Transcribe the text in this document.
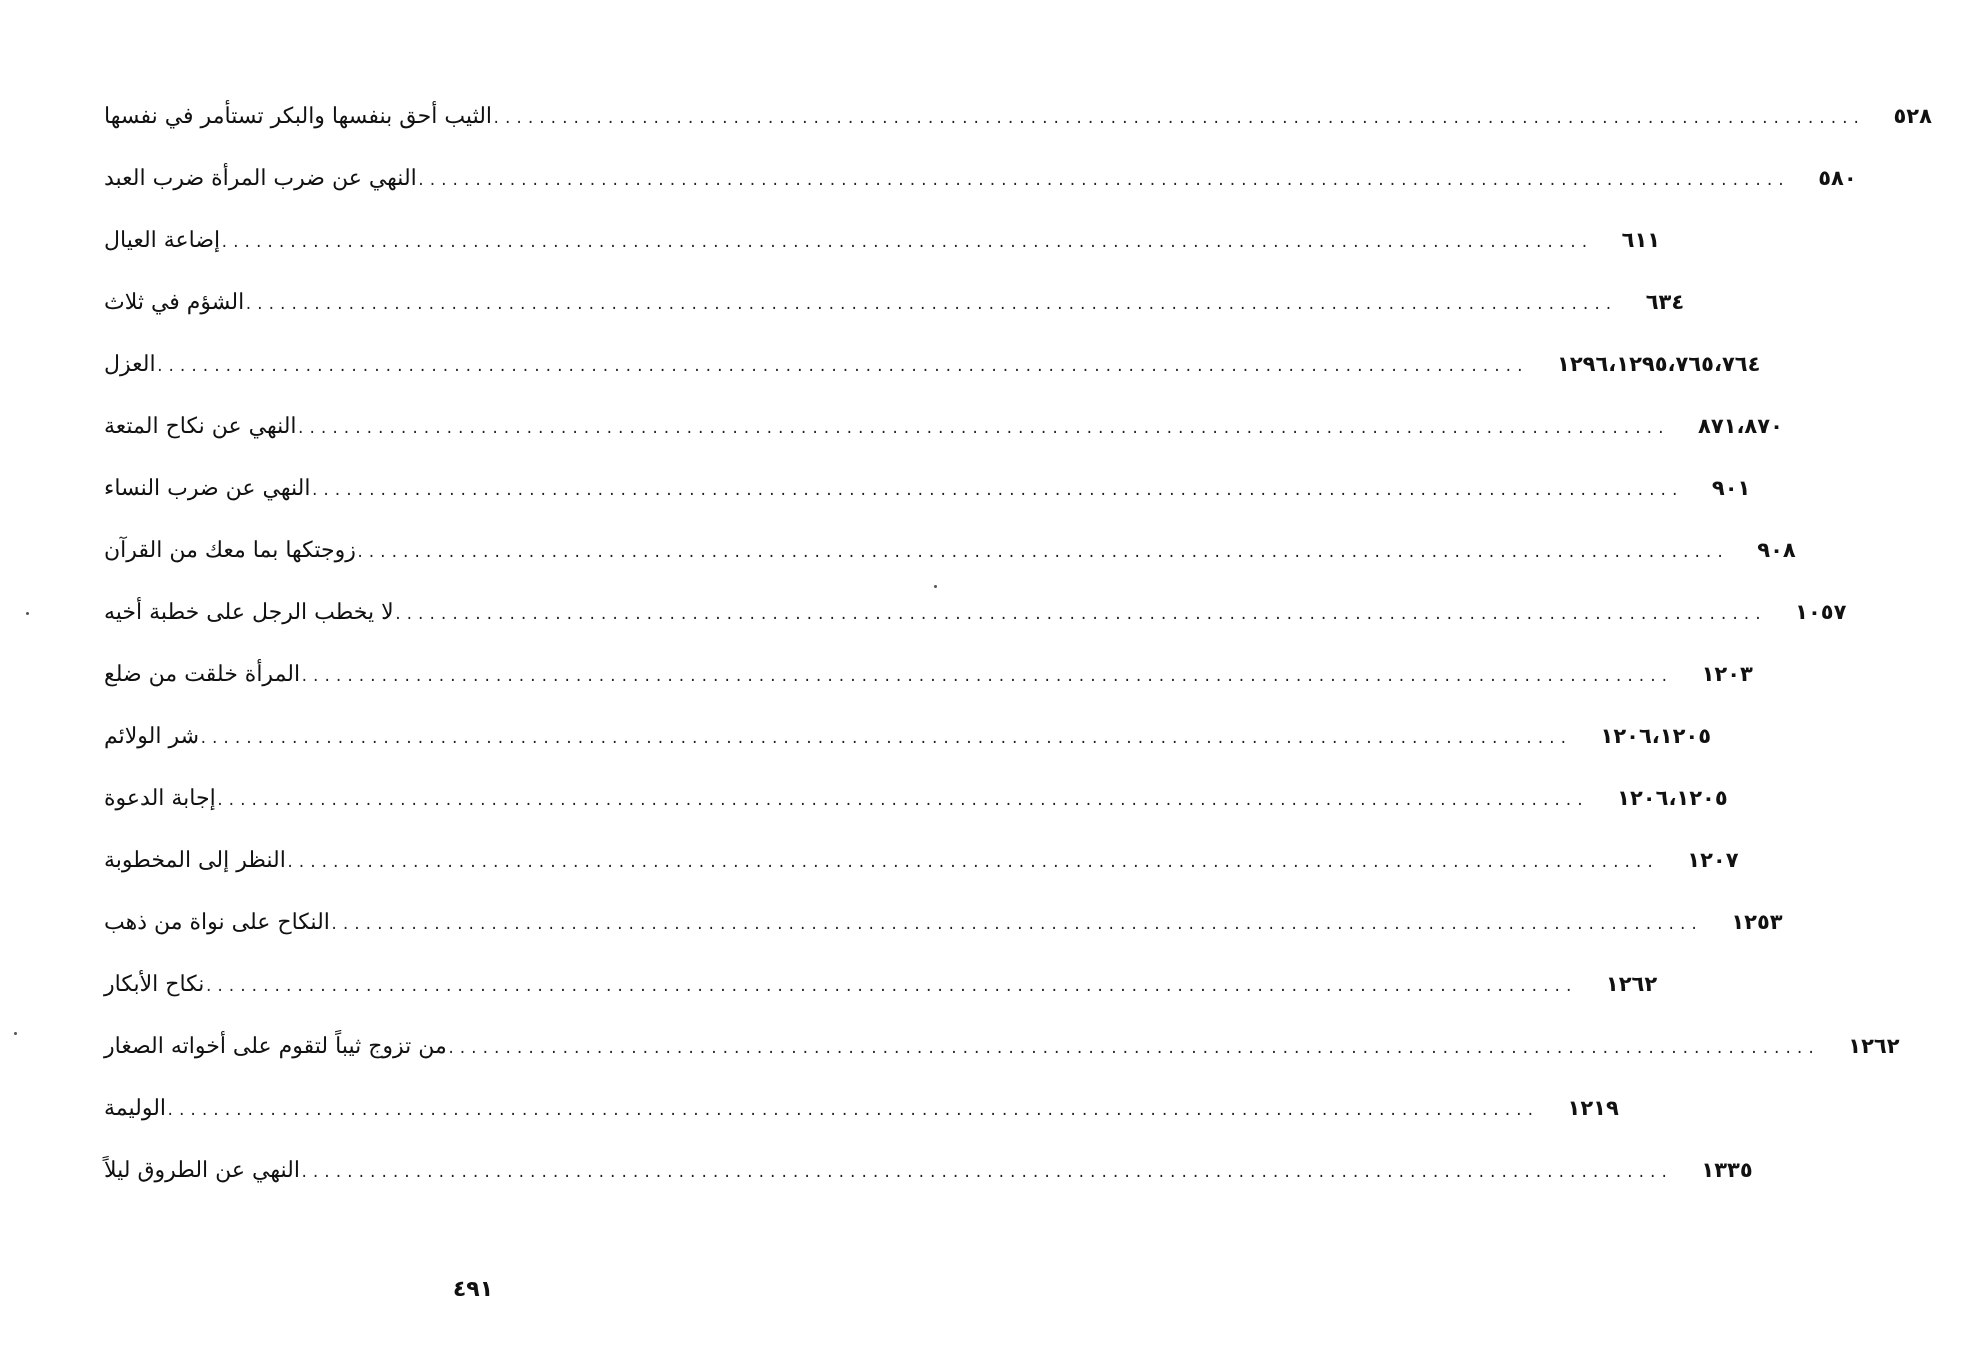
الثيب أحق بنفسها والبكر تستأمر في نفسها ........................................................................................................................ ٥٢٨
النهي عن ضرب المرأة ضرب العبد ........................................................................................................................ ٥٨٠
إضاعة العيال ........................................................................................................................ ٦١١
الشؤم في ثلاث ........................................................................................................................ ٦٣٤
العزل ........................................................................................................................ ١٢٩٦،١٢٩٥،٧٦٥،٧٦٤
النهي عن نكاح المتعة ........................................................................................................................ ٨٧١،٨٧٠
النهي عن ضرب النساء ........................................................................................................................ ٩٠١
زوجتكها بما معك من القرآن ........................................................................................................................ ٩٠٨
لا يخطب الرجل على خطبة أخيه ........................................................................................................................ ١٠٥٧
المرأة خلقت من ضلع ........................................................................................................................ ١٢٠٣
شر الولائم ........................................................................................................................ ١٢٠٦،١٢٠٥
إجابة الدعوة ........................................................................................................................ ١٢٠٦،١٢٠٥
النظر إلى المخطوبة ........................................................................................................................ ١٢٠٧
النكاح على نواة من ذهب ........................................................................................................................ ١٢٥٣
نكاح الأبكار ........................................................................................................................ ١٢٦٢
من تزوج ثيباً لتقوم على أخواته الصغار ........................................................................................................................ ١٢٦٢
الوليمة ........................................................................................................................ ١٢١٩
النهي عن الطروق ليلاً ........................................................................................................................ ١٣٣٥
٤٩١
